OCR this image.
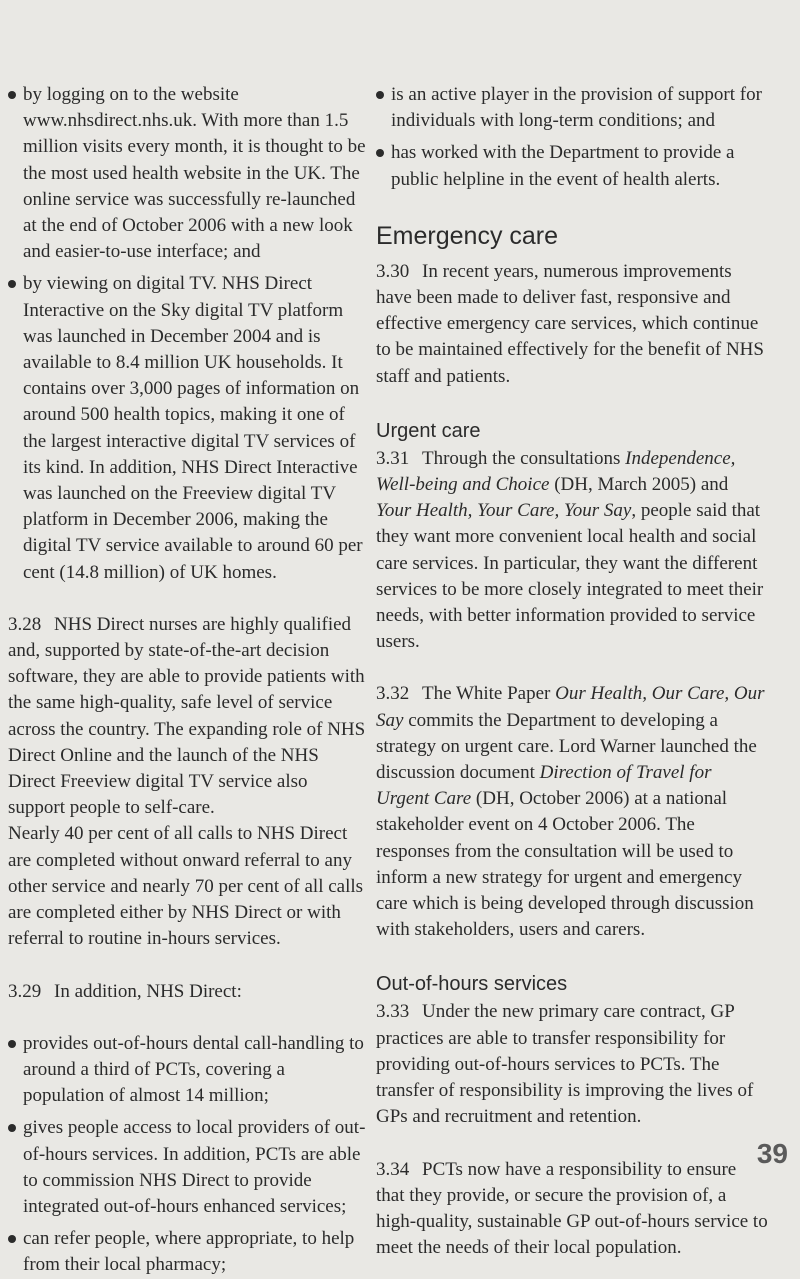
by logging on to the website www.nhsdirect.nhs.uk. With more than 1.5 million visits every month, it is thought to be the most used health website in the UK. The online service was successfully re-launched at the end of October 2006 with a new look and easier-to-use interface; and

by viewing on digital TV. NHS Direct Interactive on the Sky digital TV platform was launched in December 2004 and is available to 8.4 million UK households. It contains over 3,000 pages of information on around 500 health topics, making it one of the largest interactive digital TV services of its kind. In addition, NHS Direct Interactive was launched on the Freeview digital TV platform in December 2006, making the digital TV service available to around 60 per cent (14.8 million) of UK homes.

3.28 NHS Direct nurses are highly qualified and, supported by state-of-the-art decision software, they are able to provide patients with the same high-quality, safe level of service across the country. The expanding role of NHS Direct Online and the launch of the NHS Direct Freeview digital TV service also support people to self-care.

Nearly 40 per cent of all calls to NHS Direct are completed without onward referral to any other service and nearly 70 per cent of all calls are completed either by NHS Direct or with referral to routine in-hours services.

3.29 In addition, NHS Direct:

provides out-of-hours dental call-handling to around a third of PCTs, covering a population of almost 14 million;

gives people access to local providers of out-of-hours services. In addition, PCTs are able to commission NHS Direct to provide integrated out-of-hours enhanced services;

can refer people, where appropriate, to help from their local pharmacy;

is an active player in the provision of support for individuals with long-term conditions; and

has worked with the Department to provide a public helpline in the event of health alerts.

Emergency care

3.30 In recent years, numerous improvements have been made to deliver fast, responsive and effective emergency care services, which continue to be maintained effectively for the benefit of NHS staff and patients.

Urgent care

3.31 Through the consultations Independence, Well-being and Choice (DH, March 2005) and Your Health, Your Care, Your Say, people said that they want more convenient local health and social care services. In particular, they want the different services to be more closely integrated to meet their needs, with better information provided to service users.

3.32 The White Paper Our Health, Our Care, Our Say commits the Department to developing a strategy on urgent care. Lord Warner launched the discussion document Direction of Travel for Urgent Care (DH, October 2006) at a national stakeholder event on 4 October 2006. The responses from the consultation will be used to inform a new strategy for urgent and emergency care which is being developed through discussion with stakeholders, users and carers.

Out-of-hours services

3.33 Under the new primary care contract, GP practices are able to transfer responsibility for providing out-of-hours services to PCTs. The transfer of responsibility is improving the lives of GPs and recruitment and retention.

3.34 PCTs now have a responsibility to ensure that they provide, or secure the provision of, a high-quality, sustainable GP out-of-hours service to meet the needs of their local population.

39
